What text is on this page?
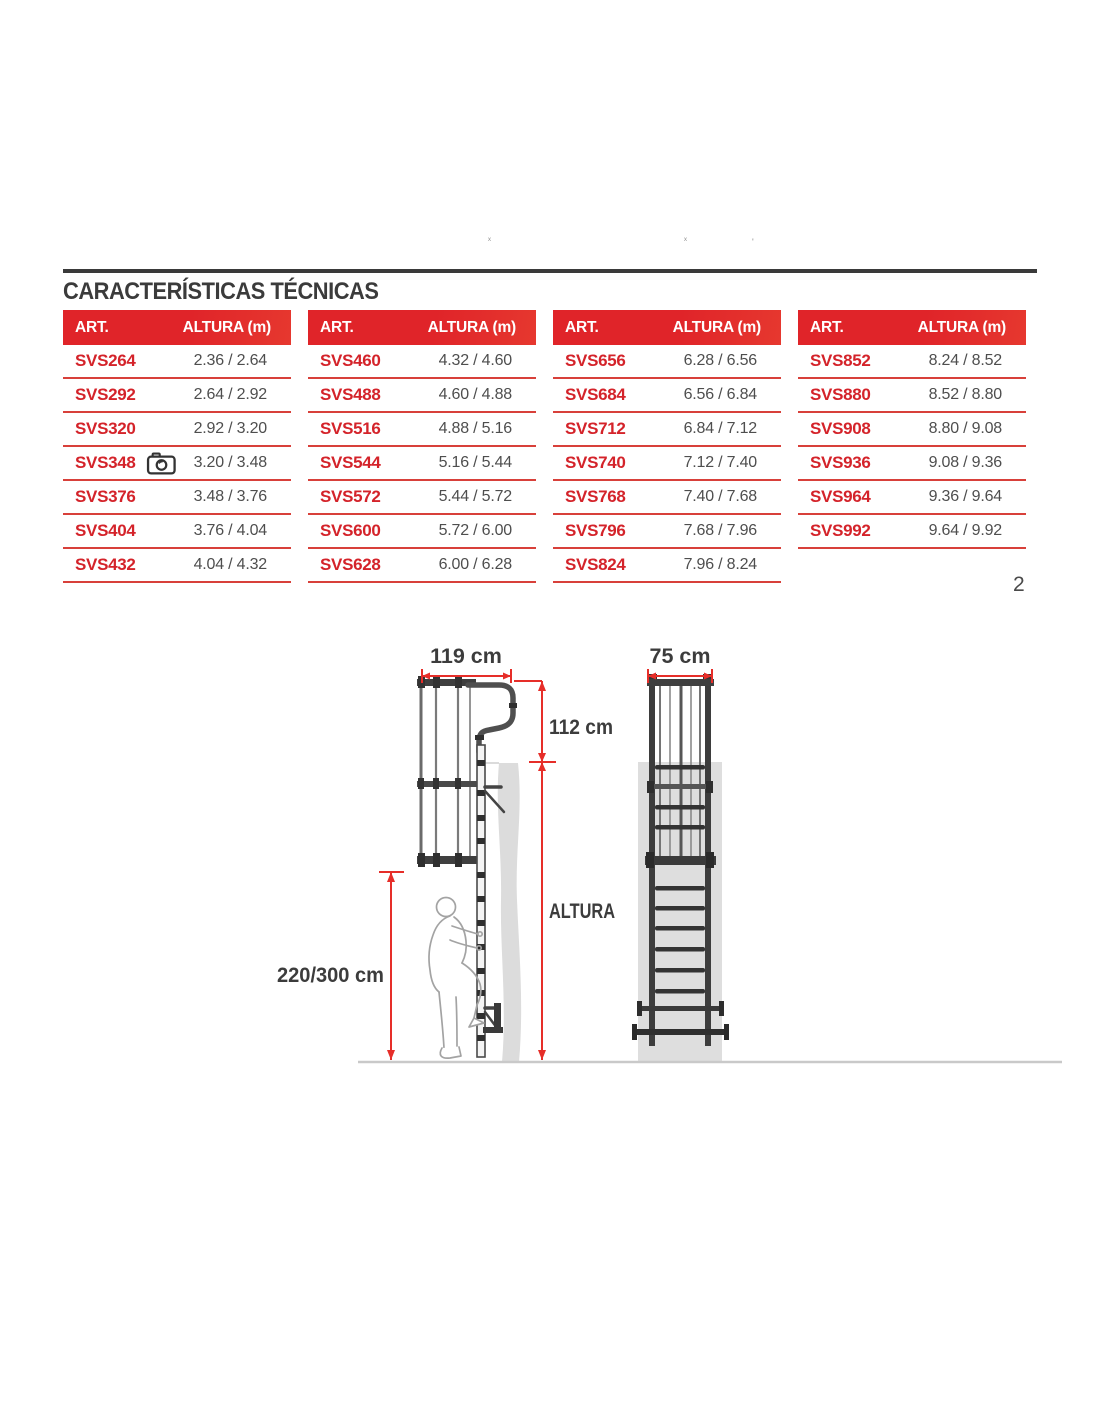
ˣ	ˣ	'
CARACTERÍSTICAS TÉCNICAS
ART.	ALTURA (m)
SVS264	2.36 / 2.64
SVS292	2.64 / 2.92
SVS320	2.92 / 3.20
SVS348	3.20 / 3.48
SVS376	3.48 / 3.76
SVS404	3.76 / 4.04
SVS432	4.04 / 4.32
ART.	ALTURA (m)
SVS460	4.32 / 4.60
SVS488	4.60 / 4.88
SVS516	4.88 / 5.16
SVS544	5.16 / 5.44
SVS572	5.44 / 5.72
SVS600	5.72 / 6.00
SVS628	6.00 / 6.28
ART.	ALTURA (m)
SVS656	6.28 / 6.56
SVS684	6.56 / 6.84
SVS712	6.84 / 7.12
SVS740	7.12 / 7.40
SVS768	7.40 / 7.68
SVS796	7.68 / 7.96
SVS824	7.96 / 8.24
ART.	ALTURA (m)
SVS852	8.24 / 8.52
SVS880	8.52 / 8.80
SVS908	8.80 / 9.08
SVS936	9.08 / 9.36
SVS964	9.36 / 9.64
SVS992	9.64 / 9.92
2
119 cm	75 cm
112 cm
ALTURA
220/300 cm
